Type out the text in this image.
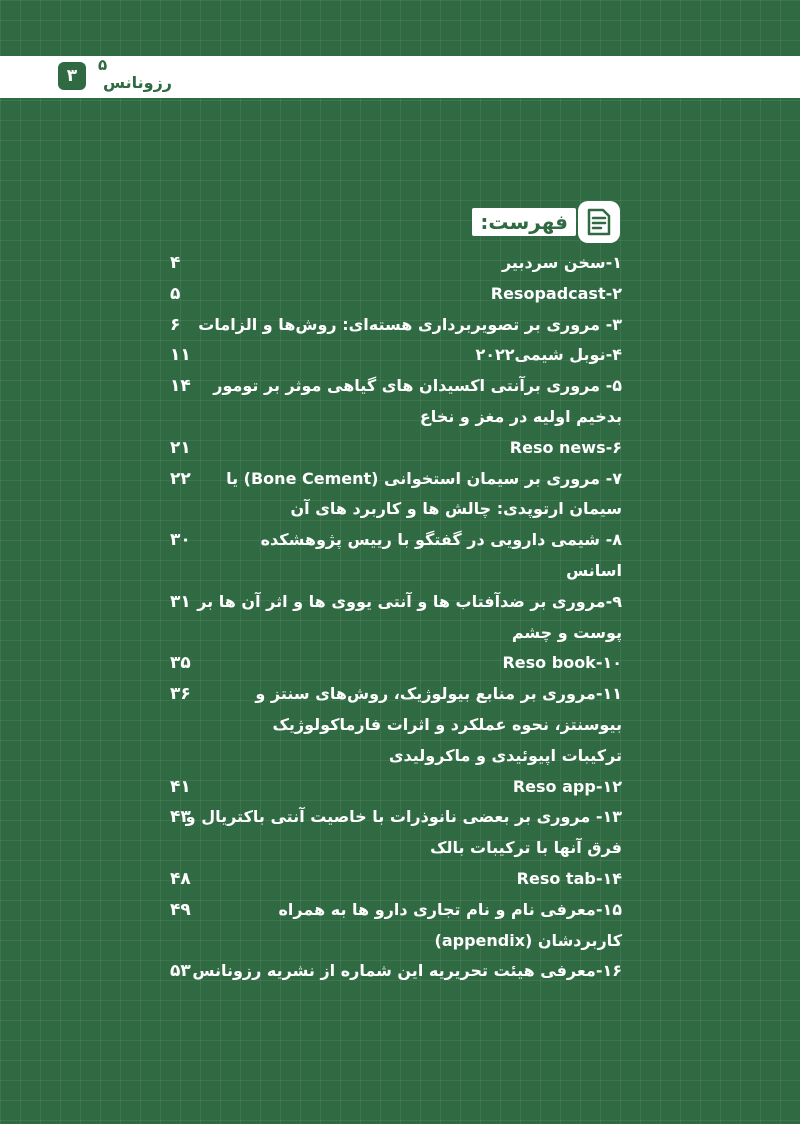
۳	رزونانس
۵
فهرست:
۱-سخن سردبیر
۴
Resopadcast-۲
۵
۳- مروری بر تصویربرداری هسته‌ای: روش‌ها و الزامات
۶
۴-نوبل شیمی۲۰۲۲
۱۱
۵- مروری برآنتی اکسیدان های گیاهی موثر بر تومور
۱۴
بدخیم اولیه در مغز و نخاع
Reso news-۶
۲۱
۷- مروری بر سیمان استخوانی (Bone Cement) یا
۲۲
سیمان ارتوپدی: چالش ها و کاربرد های آن
۸- شیمی دارویی در گفتگو با رییس پژوهشکده
۳۰
اسانس
۹-مروری بر ضدآفتاب ها و آنتی یووی ها و اثر آن ها بر
۳۱
پوست و چشم
Reso book-۱۰
۳۵
۱۱-مروری بر منابع بیولوژیک، روش‌های سنتز و
۳۶
بیوسنتز، نحوه عملکرد و اثرات فارماکولوژیک
ترکیبات اپیوئیدی و ماکرولیدی
Reso app-۱۲
۴۱
۱۳- مروری بر بعضی نانوذرات با خاصیت آنتی باکتریال و
۴۳
فرق آنها با ترکیبات بالک
Reso tab-۱۴
۴۸
۱۵-معرفی نام و نام تجاری دارو ها به همراه
۴۹
کاربردشان (appendix)
۱۶-معرفی هیئت تحریریه این شماره از نشریه رزونانس
۵۳
